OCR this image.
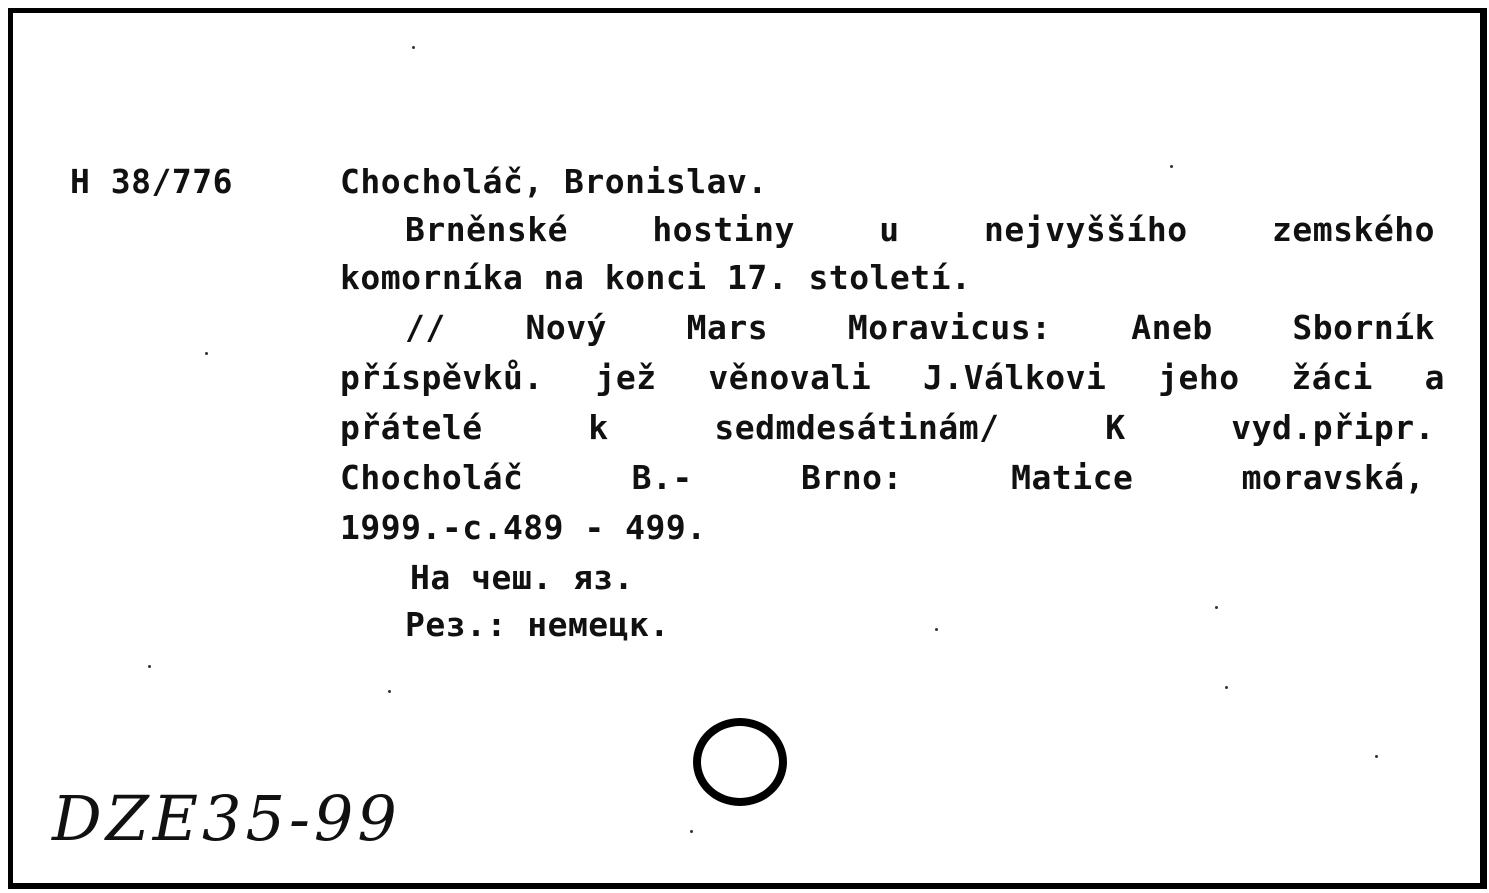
H 38/776	Chocholáč, Bronislav.
Brněnské	hostiny	u	nejvyššího	zemského
komorníka na konci 17. století.
// Nový Mars Moravicus: Aneb Sborník
příspěvků. jež věnovali J.Válkovi jeho žáci a
přátelé	k	sedmdesátinám/	K	vyd.připr.
Chocholáč	B.-	Brno:	Matice	moravská,
1999.-c.489 - 499.
На чеш. яз.
Рез.: немецк.
DZE35-99
